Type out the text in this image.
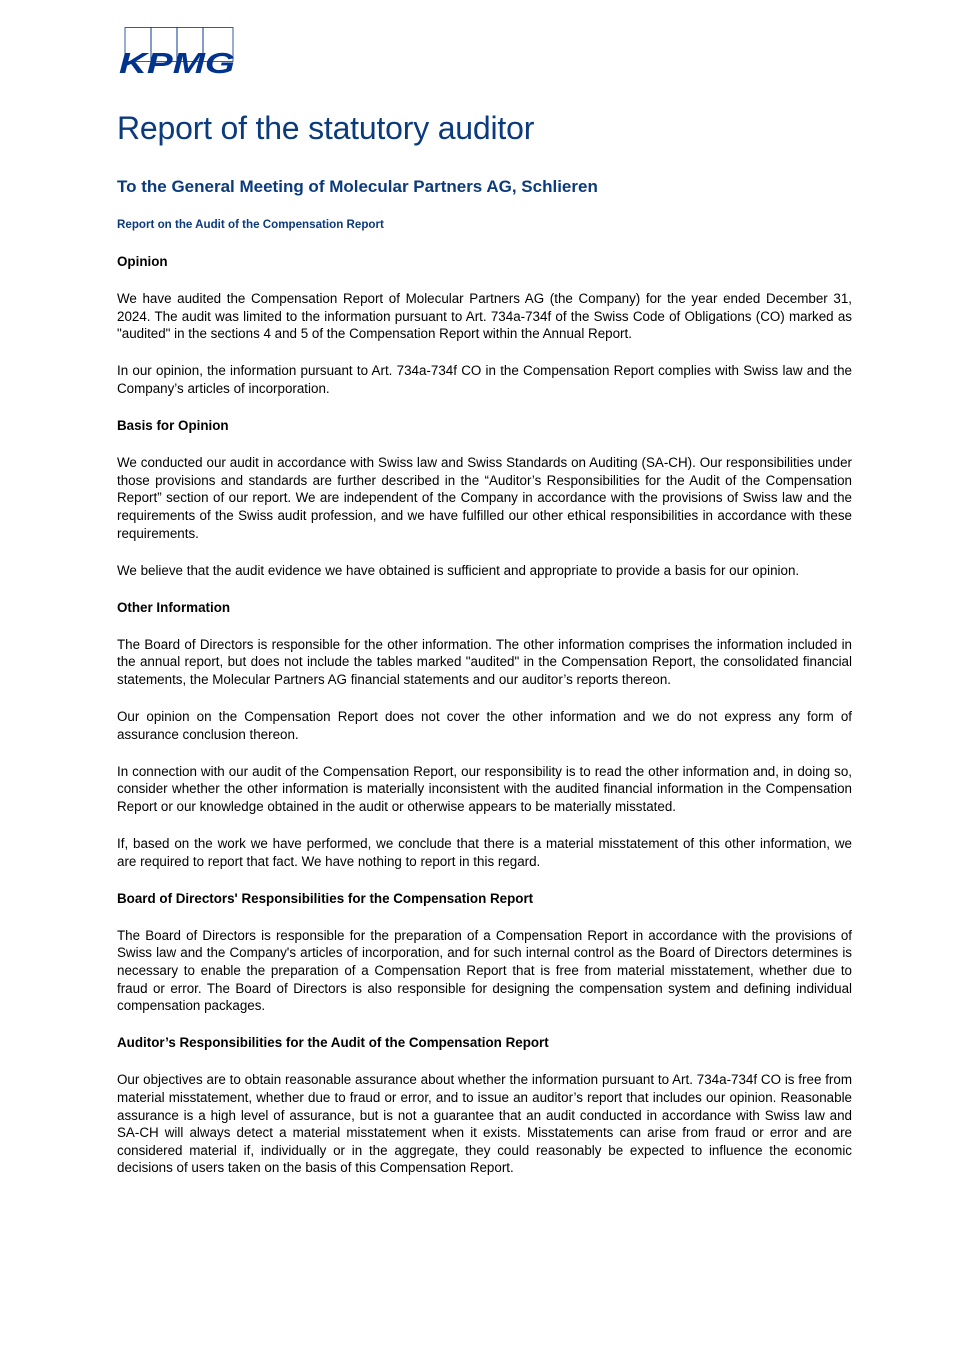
KPMG
Report of the statutory auditor
To the General Meeting of Molecular Partners AG, Schlieren
Report on the Audit of the Compensation Report
Opinion

We have audited the Compensation Report of Molecular Partners AG (the Company) for the year ended December 31, 2024. The audit was limited to the information pursuant to Art. 734a-734f of the Swiss Code of Obligations (CO) marked as "audited" in the sections 4 and 5 of the Compensation Report within the Annual Report.

In our opinion, the information pursuant to Art. 734a-734f CO in the Compensation Report complies with Swiss law and the Company’s articles of incorporation.

Basis for Opinion

We conducted our audit in accordance with Swiss law and Swiss Standards on Auditing (SA-CH). Our responsibilities under those provisions and standards are further described in the “Auditor’s Responsibilities for the Audit of the Compensation Report” section of our report. We are independent of the Company in accordance with the provisions of Swiss law and the requirements of the Swiss audit profession, and we have fulfilled our other ethical responsibilities in accordance with these requirements.

We believe that the audit evidence we have obtained is sufficient and appropriate to provide a basis for our opinion.

Other Information

The Board of Directors is responsible for the other information. The other information comprises the information included in the annual report, but does not include the tables marked "audited" in the Compensation Report, the consolidated financial statements, the Molecular Partners AG financial statements and our auditor’s reports thereon.

Our opinion on the Compensation Report does not cover the other information and we do not express any form of assurance conclusion thereon.

In connection with our audit of the Compensation Report, our responsibility is to read the other information and, in doing so, consider whether the other information is materially inconsistent with the audited financial information in the Compensation Report or our knowledge obtained in the audit or otherwise appears to be materially misstated.

If, based on the work we have performed, we conclude that there is a material misstatement of this other information, we are required to report that fact. We have nothing to report in this regard.

Board of Directors' Responsibilities for the Compensation Report

The Board of Directors is responsible for the preparation of a Compensation Report in accordance with the provisions of Swiss law and the Company's articles of incorporation, and for such internal control as the Board of Directors determines is necessary to enable the preparation of a Compensation Report that is free from material misstatement, whether due to fraud or error. The Board of Directors is also responsible for designing the compensation system and defining individual compensation packages.

Auditor’s Responsibilities for the Audit of the Compensation Report

Our objectives are to obtain reasonable assurance about whether the information pursuant to Art. 734a-734f CO is free from material misstatement, whether due to fraud or error, and to issue an auditor’s report that includes our opinion. Reasonable assurance is a high level of assurance, but is not a guarantee that an audit conducted in accordance with Swiss law and SA-CH will always detect a material misstatement when it exists. Misstatements can arise from fraud or error and are considered material if, individually or in the aggregate, they could reasonably be expected to influence the economic decisions of users taken on the basis of this Compensation Report.
